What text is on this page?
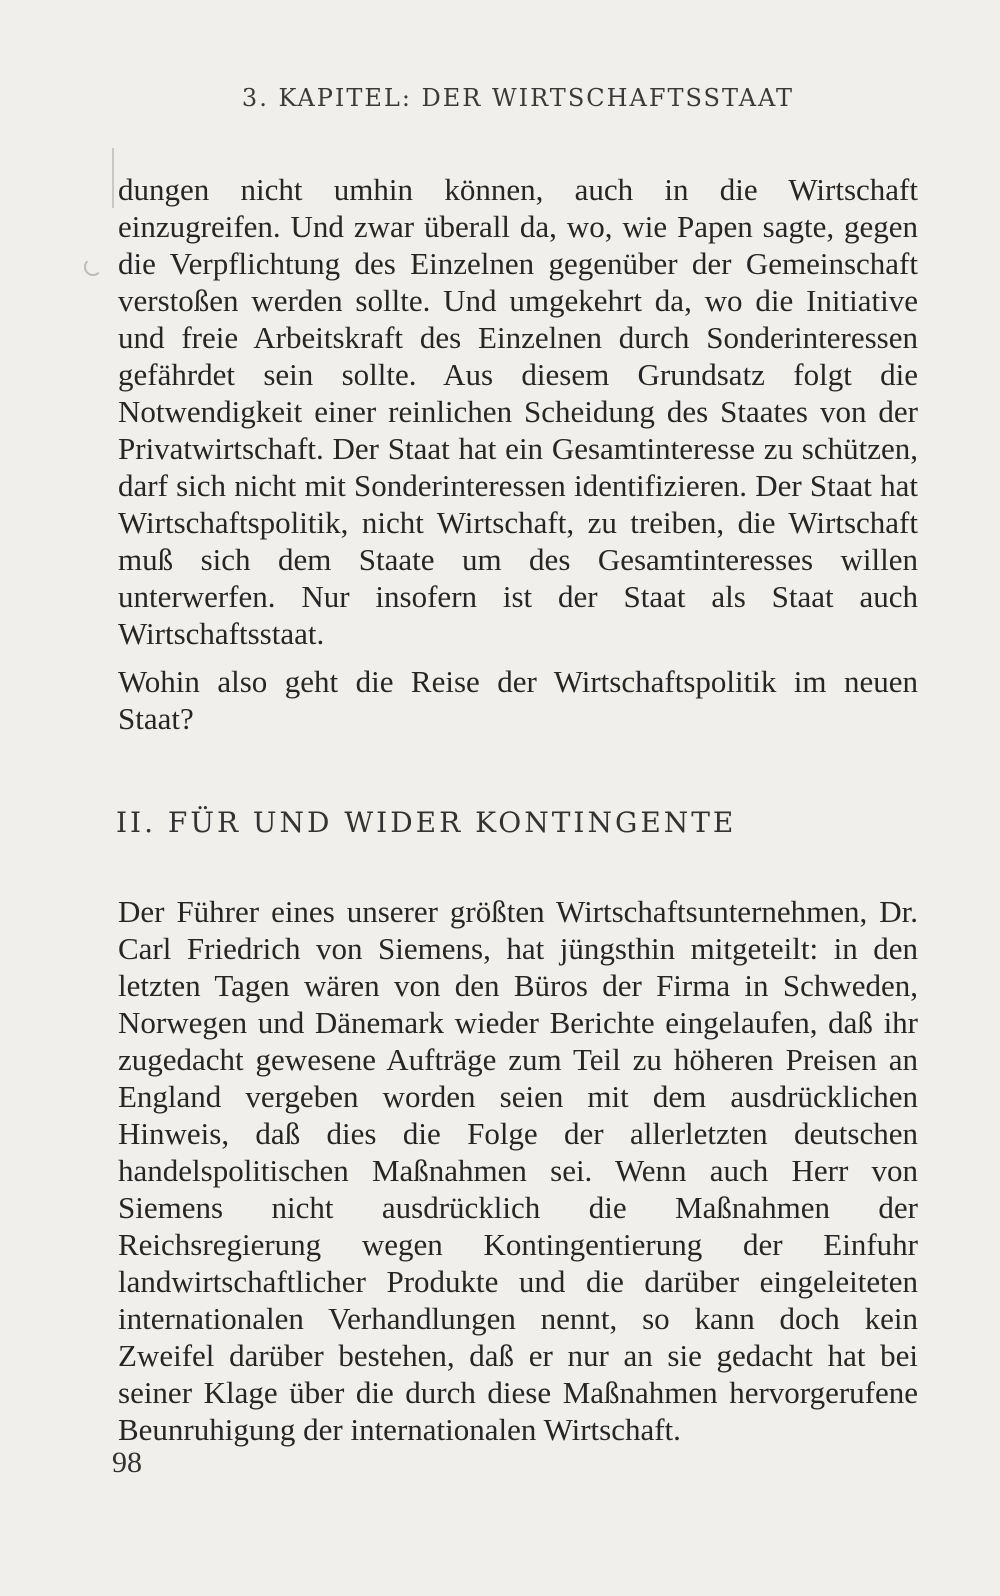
3. KAPITEL: DER WIRTSCHAFTSSTAAT

dungen nicht umhin können, auch in die Wirtschaft einzugreifen. Und zwar überall da, wo, wie Papen sagte, gegen die Verpflichtung des Einzelnen gegenüber der Gemeinschaft verstoßen werden sollte. Und umgekehrt da, wo die Initiative und freie Arbeitskraft des Einzelnen durch Sonderinteressen gefährdet sein sollte. Aus diesem Grundsatz folgt die Notwendigkeit einer reinlichen Scheidung des Staates von der Privatwirtschaft. Der Staat hat ein Gesamtinteresse zu schützen, darf sich nicht mit Sonderinteressen identifizieren. Der Staat hat Wirtschaftspolitik, nicht Wirtschaft, zu treiben, die Wirtschaft muß sich dem Staate um des Gesamtinteresses willen unterwerfen. Nur insofern ist der Staat als Staat auch Wirtschaftsstaat.

Wohin also geht die Reise der Wirtschaftspolitik im neuen Staat?

II. FÜR UND WIDER KONTINGENTE

Der Führer eines unserer größten Wirtschaftsunternehmen, Dr. Carl Friedrich von Siemens, hat jüngsthin mitgeteilt: in den letzten Tagen wären von den Büros der Firma in Schweden, Norwegen und Dänemark wieder Berichte eingelaufen, daß ihr zugedacht gewesene Aufträge zum Teil zu höheren Preisen an England vergeben worden seien mit dem ausdrücklichen Hinweis, daß dies die Folge der allerletzten deutschen handelspolitischen Maßnahmen sei. Wenn auch Herr von Siemens nicht ausdrücklich die Maßnahmen der Reichsregierung wegen Kontingentierung der Einfuhr landwirtschaftlicher Produkte und die darüber eingeleiteten internationalen Verhandlungen nennt, so kann doch kein Zweifel darüber bestehen, daß er nur an sie gedacht hat bei seiner Klage über die durch diese Maßnahmen hervorgerufene Beunruhigung der internationalen Wirtschaft.

98
